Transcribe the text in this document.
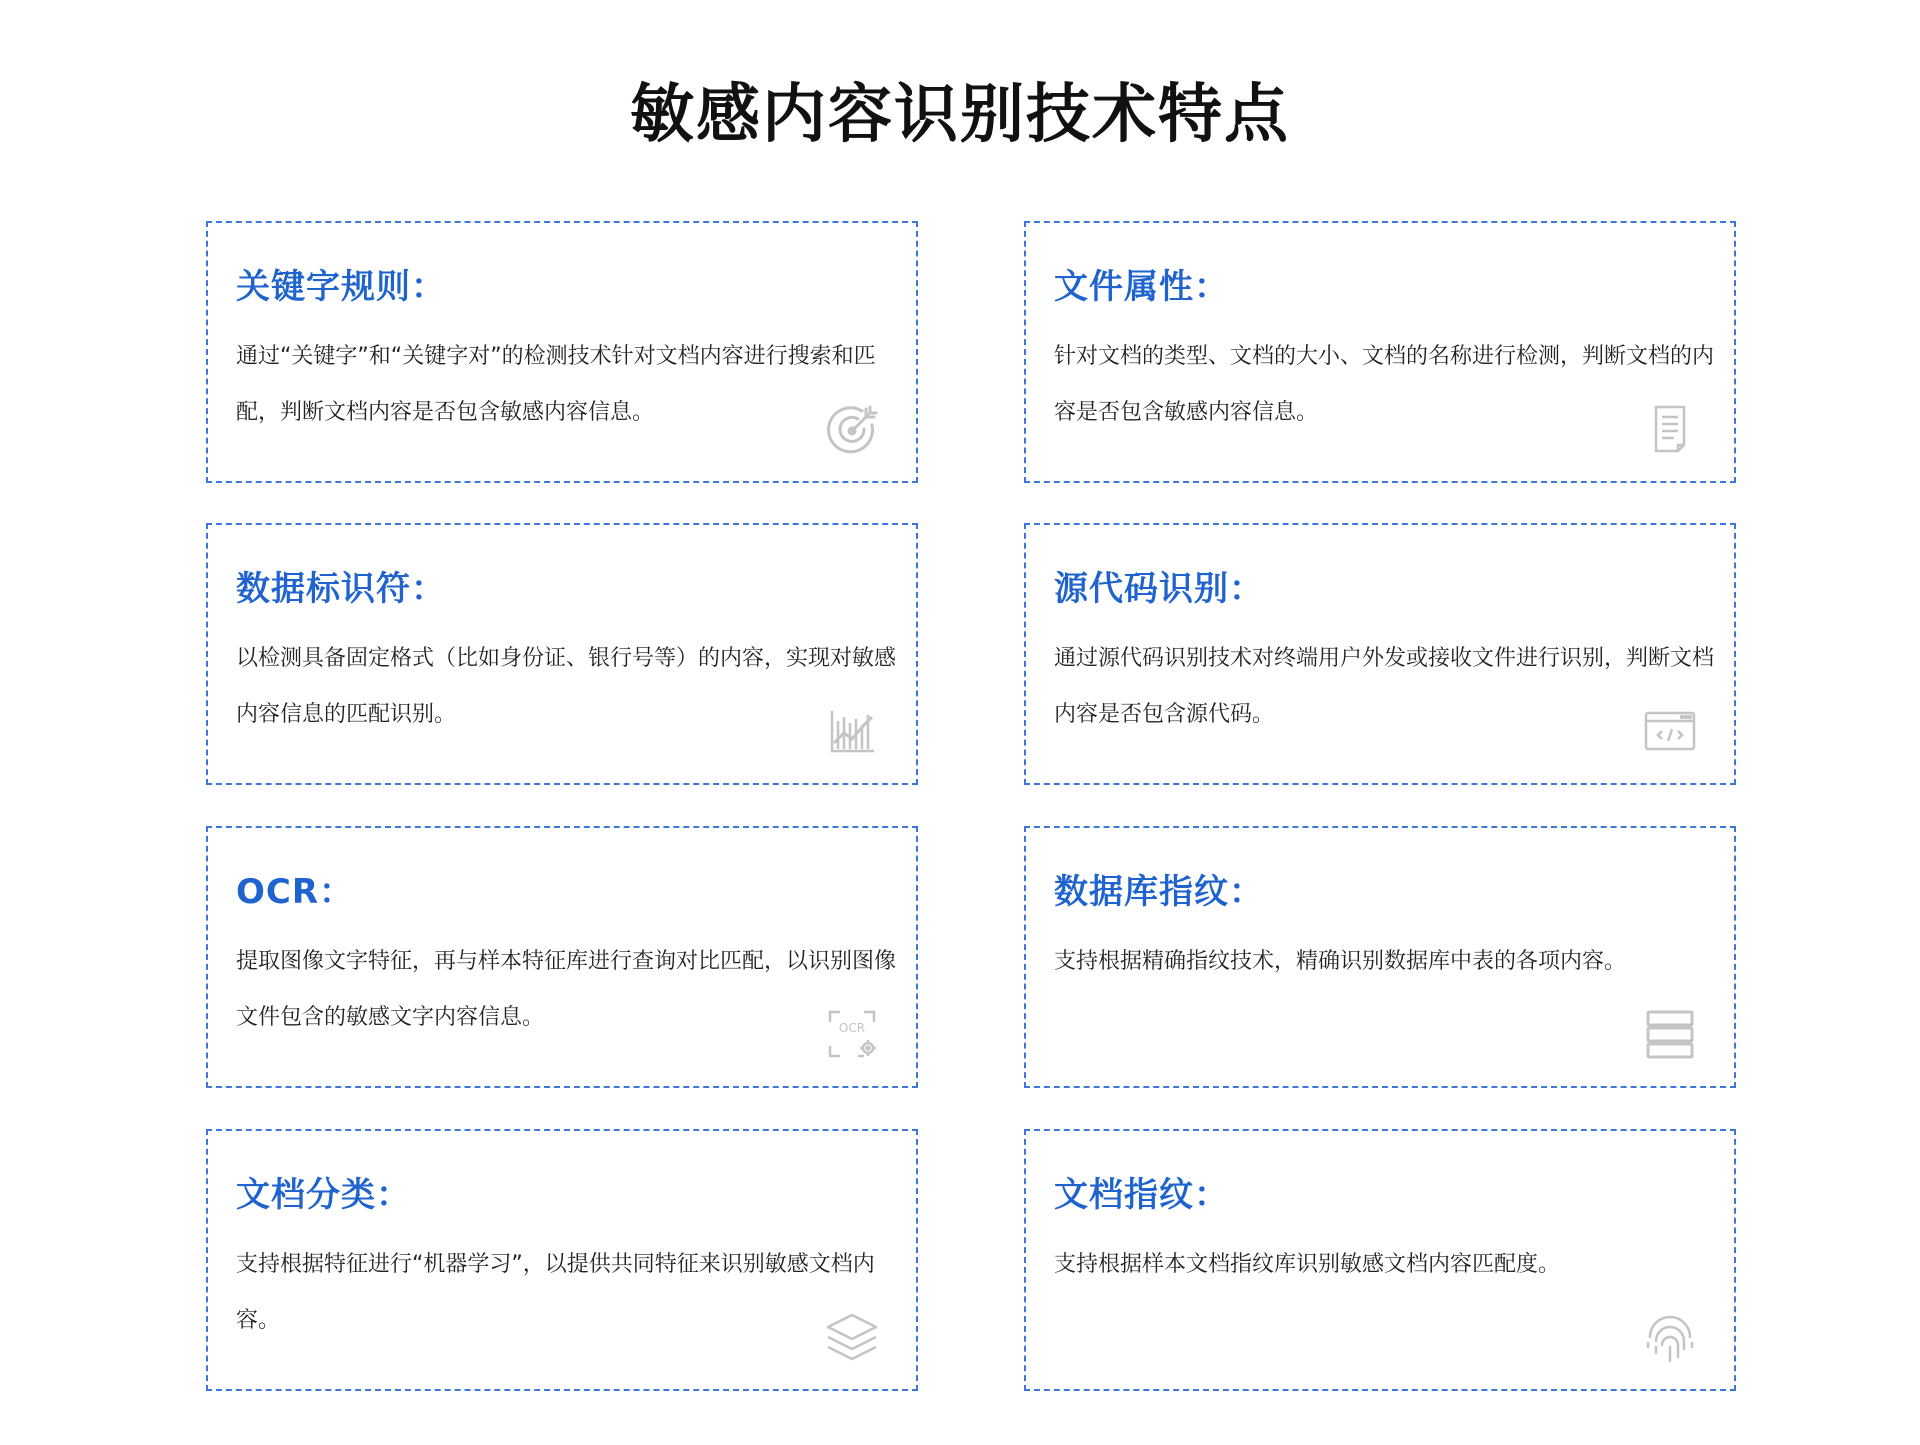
敏感内容识别技术特点
关键字规则：
通过“关键字”和“关键字对”的检测技术针对文档内容进行搜索和匹配，判断文档内容是否包含敏感内容信息。
文件属性：
针对文档的类型、文档的大小、文档的名称进行检测，判断文档的内容是否包含敏感内容信息。
数据标识符：
以检测具备固定格式（比如身份证、银行号等）的内容，实现对敏感内容信息的匹配识别。
源代码识别：
通过源代码识别技术对终端用户外发或接收文件进行识别，判断文档内容是否包含源代码。
OCR：
提取图像文字特征，再与样本特征库进行查询对比匹配，以识别图像文件包含的敏感文字内容信息。	OCR
数据库指纹：
支持根据精确指纹技术，精确识别数据库中表的各项内容。
文档分类：
支持根据特征进行“机器学习”，以提供共同特征来识别敏感文档内容。
文档指纹：
支持根据样本文档指纹库识别敏感文档内容匹配度。
